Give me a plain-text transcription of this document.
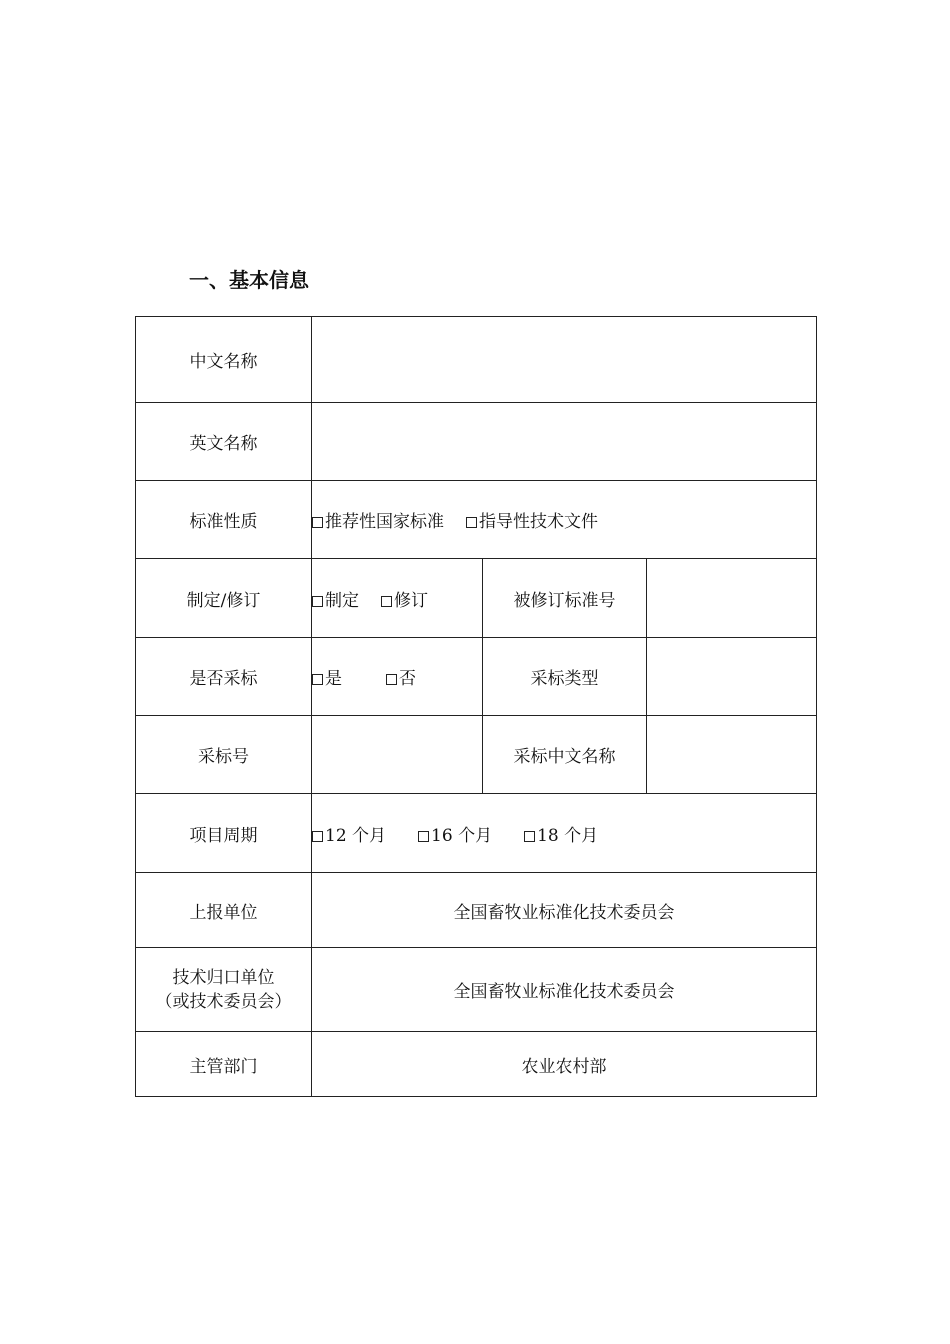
一、基本信息
中文名称			
英文名称			
标准性质	推荐性国家标准 指导性技术文件		
制定/修订	制定 修订	被修订标准号	
是否采标	是 否	采标类型	
采标号		采标中文名称	
项目周期	12 个月 16 个月 18 个月		
上报单位	全国畜牧业标准化技术委员会		

技术归口单位
（或技术委员会）	全国畜牧业标准化技术委员会		
主管部门	农业农村部		
